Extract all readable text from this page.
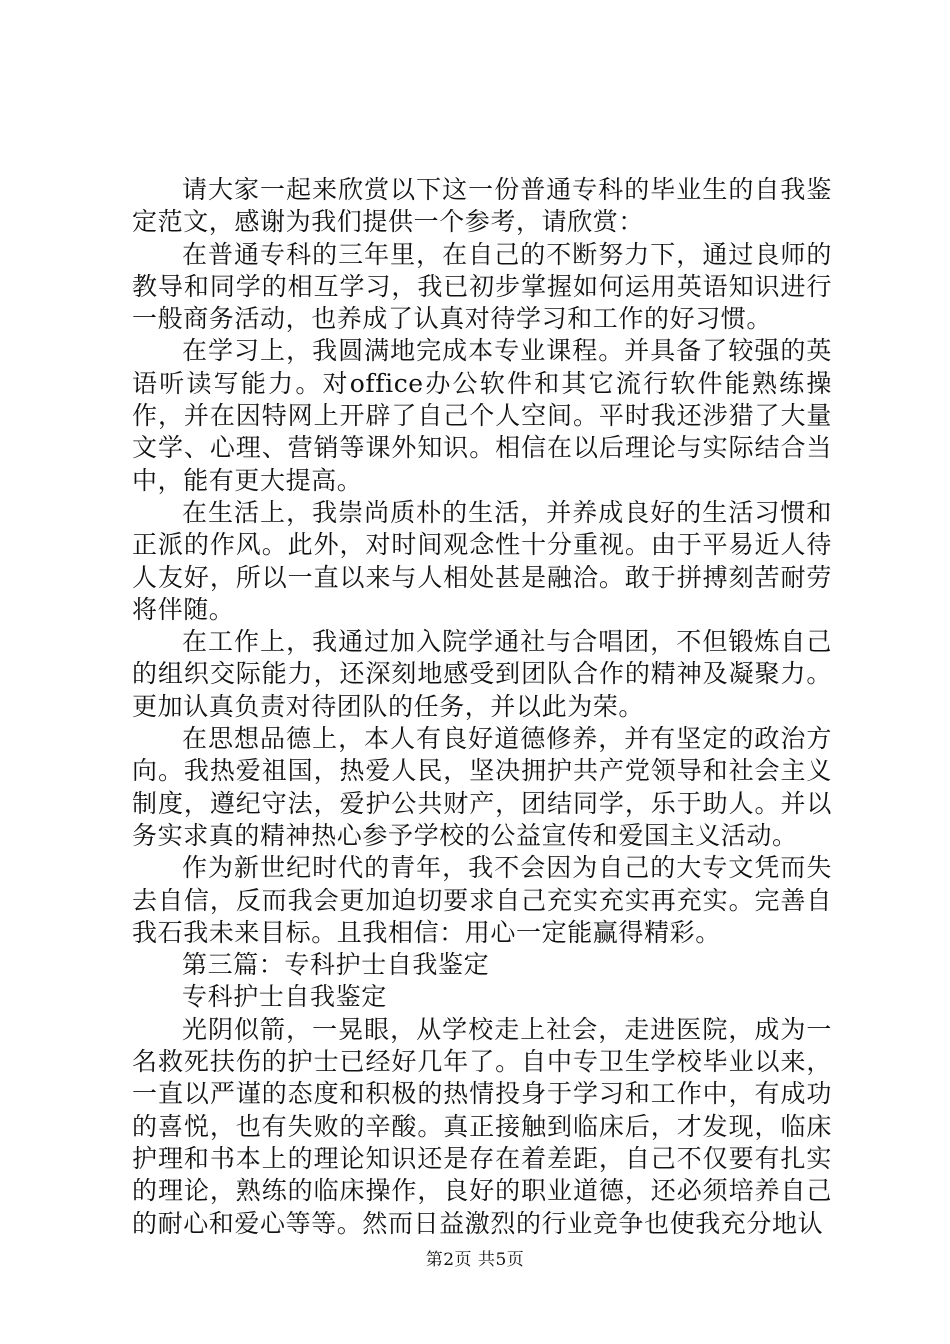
请大家一起来欣赏以下这一份普通专科的毕业生的自我鉴定范文，感谢为我们提供一个参考，请欣赏：

在普通专科的三年里，在自己的不断努力下，通过良师的教导和同学的相互学习，我已初步掌握如何运用英语知识进行一般商务活动，也养成了认真对待学习和工作的好习惯。

在学习上，我圆满地完成本专业课程。并具备了较强的英语听读写能力。对office办公软件和其它流行软件能熟练操作，并在因特网上开辟了自己个人空间。平时我还涉猎了大量文学、心理、营销等课外知识。相信在以后理论与实际结合当中，能有更大提高。

在生活上，我崇尚质朴的生活，并养成良好的生活习惯和正派的作风。此外，对时间观念性十分重视。由于平易近人待人友好，所以一直以来与人相处甚是融洽。敢于拼搏刻苦耐劳将伴随。

在工作上，我通过加入院学通社与合唱团，不但锻炼自己的组织交际能力，还深刻地感受到团队合作的精神及凝聚力。更加认真负责对待团队的任务，并以此为荣。

在思想品德上，本人有良好道德修养，并有坚定的政治方向。我热爱祖国，热爱人民，坚决拥护共产党领导和社会主义制度，遵纪守法，爱护公共财产，团结同学，乐于助人。并以务实求真的精神热心参予学校的公益宣传和爱国主义活动。

作为新世纪时代的青年，我不会因为自己的大专文凭而失去自信，反而我会更加迫切要求自己充实充实再充实。完善自我石我未来目标。且我相信：用心一定能赢得精彩。

第三篇：专科护士自我鉴定

专科护士自我鉴定

光阴似箭，一晃眼，从学校走上社会，走进医院，成为一名救死扶伤的护士已经好几年了。自中专卫生学校毕业以来，一直以严谨的态度和积极的热情投身于学习和工作中，有成功的喜悦，也有失败的辛酸。真正接触到临床后，才发现，临床护理和书本上的理论知识还是存在着差距，自己不仅要有扎实的理论，熟练的临床操作，良好的职业道德，还必须培养自己的耐心和爱心等等。然而日益激烈的行业竞争也使我充分地认

第2页 共5页
